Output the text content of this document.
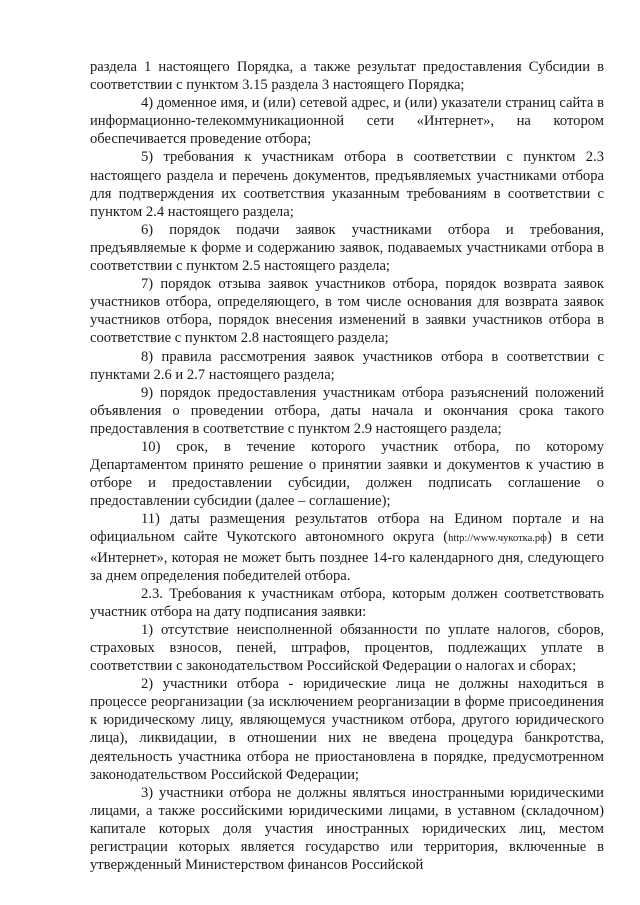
раздела 1 настоящего Порядка, а также результат предоставления Субсидии в соответствии с пунктом 3.15 раздела 3 настоящего Порядка;

4) доменное имя, и (или) сетевой адрес, и (или) указатели страниц сайта в информационно-телекоммуникационной сети «Интернет», на котором обеспечивается проведение отбора;

5) требования к участникам отбора в соответствии с пунктом 2.3 настоящего раздела и перечень документов, предъявляемых участниками отбора для подтверждения их соответствия указанным требованиям в соответствии с пунктом 2.4 настоящего раздела;

6) порядок подачи заявок участниками отбора и требования, предъявляемые к форме и содержанию заявок, подаваемых участниками отбора в соответствии с пунктом 2.5 настоящего раздела;

7) порядок отзыва заявок участников отбора, порядок возврата заявок участников отбора, определяющего, в том числе основания для возврата заявок участников отбора, порядок внесения изменений в заявки участников отбора в соответствие с пунктом 2.8 настоящего раздела;

8) правила рассмотрения заявок участников отбора в соответствии с пунктами 2.6 и 2.7 настоящего раздела;

9) порядок предоставления участникам отбора разъяснений положений объявления о проведении отбора, даты начала и окончания срока такого предоставления в соответствие с пунктом 2.9 настоящего раздела;

10) срок, в течение которого участник отбора, по которому Департаментом принято решение о принятии заявки и документов к участию в отборе и предоставлении субсидии, должен подписать соглашение о предоставлении субсидии (далее – соглашение);

11) даты размещения результатов отбора на Едином портале и на официальном сайте Чукотского автономного округа (http://www.чукотка.рф) в сети «Интернет», которая не может быть позднее 14-го календарного дня, следующего за днем определения победителей отбора.

2.3. Требования к участникам отбора, которым должен соответствовать участник отбора на дату подписания заявки:

1) отсутствие неисполненной обязанности по уплате налогов, сборов, страховых взносов, пеней, штрафов, процентов, подлежащих уплате в соответствии с законодательством Российской Федерации о налогах и сборах;

2) участники отбора - юридические лица не должны находиться в процессе реорганизации (за исключением реорганизации в форме присоединения к юридическому лицу, являющемуся участником отбора, другого юридического лица), ликвидации, в отношении них не введена процедура банкротства, деятельность участника отбора не приостановлена в порядке, предусмотренном законодательством Российской Федерации;

3) участники отбора не должны являться иностранными юридическими лицами, а также российскими юридическими лицами, в уставном (складочном) капитале которых доля участия иностранных юридических лиц, местом регистрации которых является государство или территория, включенные в утвержденный Министерством финансов Российской
